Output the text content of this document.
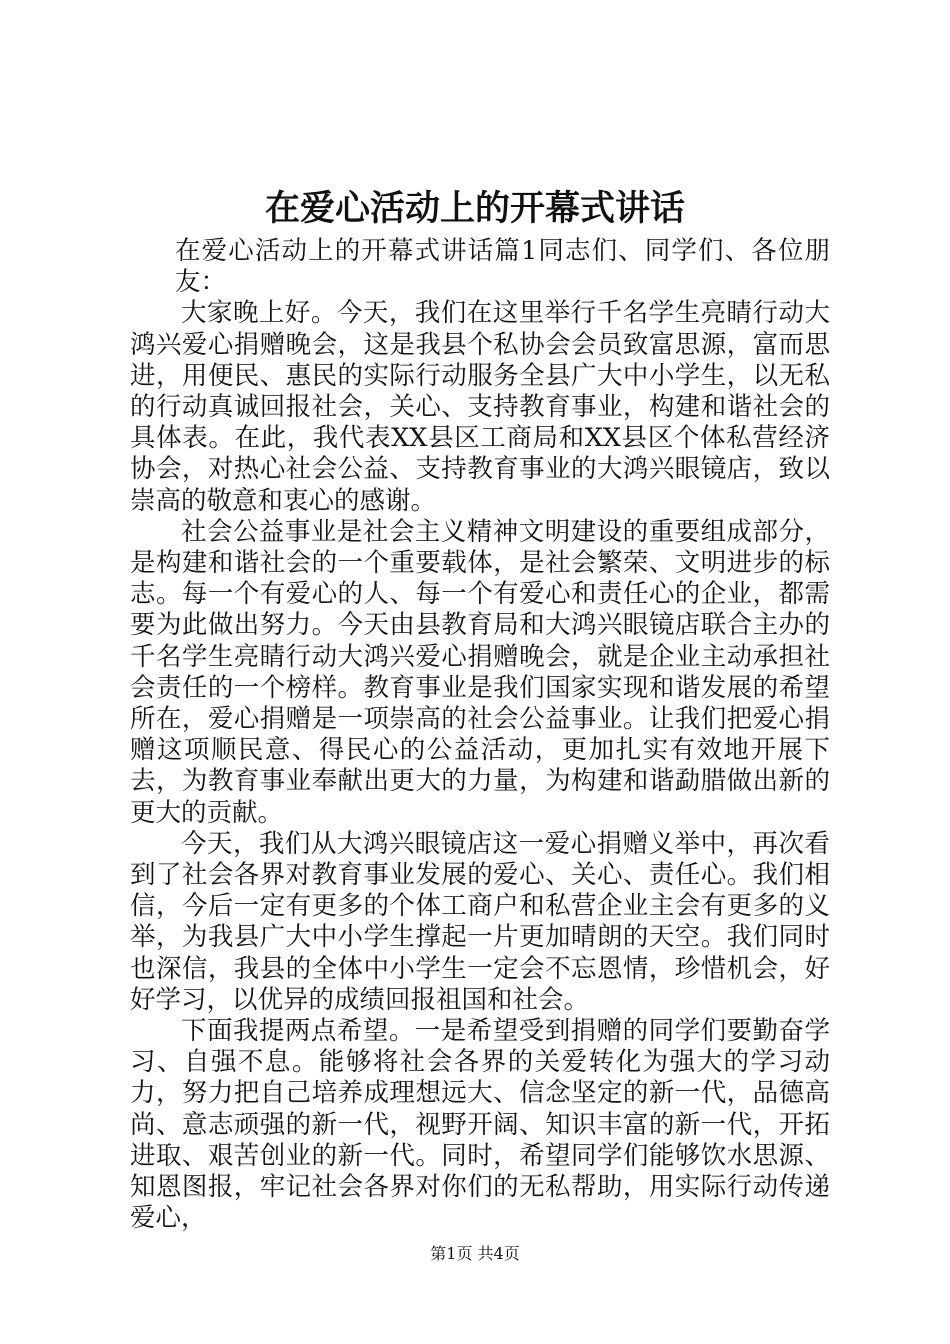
在爱心活动上的开幕式讲话

在爱心活动上的开幕式讲话篇1同志们、同学们、各位朋友：

大家晚上好。今天，我们在这里举行千名学生亮睛行动大鸿兴爱心捐赠晚会，这是我县个私协会会员致富思源，富而思进，用便民、惠民的实际行动服务全县广大中小学生，以无私的行动真诚回报社会，关心、支持教育事业，构建和谐社会的具体表。在此，我代表XX县区工商局和XX县区个体私营经济协会，对热心社会公益、支持教育事业的大鸿兴眼镜店，致以崇高的敬意和衷心的感谢。

社会公益事业是社会主义精神文明建设的重要组成部分，是构建和谐社会的一个重要载体，是社会繁荣、文明进步的标志。每一个有爱心的人、每一个有爱心和责任心的企业，都需要为此做出努力。今天由县教育局和大鸿兴眼镜店联合主办的千名学生亮睛行动大鸿兴爱心捐赠晚会，就是企业主动承担社会责任的一个榜样。教育事业是我们国家实现和谐发展的希望所在，爱心捐赠是一项崇高的社会公益事业。让我们把爱心捐赠这项顺民意、得民心的公益活动，更加扎实有效地开展下去，为教育事业奉献出更大的力量，为构建和谐勐腊做出新的更大的贡献。

今天，我们从大鸿兴眼镜店这一爱心捐赠义举中，再次看到了社会各界对教育事业发展的爱心、关心、责任心。我们相信，今后一定有更多的个体工商户和私营企业主会有更多的义举，为我县广大中小学生撑起一片更加晴朗的天空。我们同时也深信，我县的全体中小学生一定会不忘恩情，珍惜机会，好好学习，以优异的成绩回报祖国和社会。

下面我提两点希望。一是希望受到捐赠的同学们要勤奋学习、自强不息。能够将社会各界的关爱转化为强大的学习动力，努力把自己培养成理想远大、信念坚定的新一代，品德高尚、意志顽强的新一代，视野开阔、知识丰富的新一代，开拓进取、艰苦创业的新一代。同时，希望同学们能够饮水思源、知恩图报，牢记社会各界对你们的无私帮助，用实际行动传递爱心，

第1页 共4页
